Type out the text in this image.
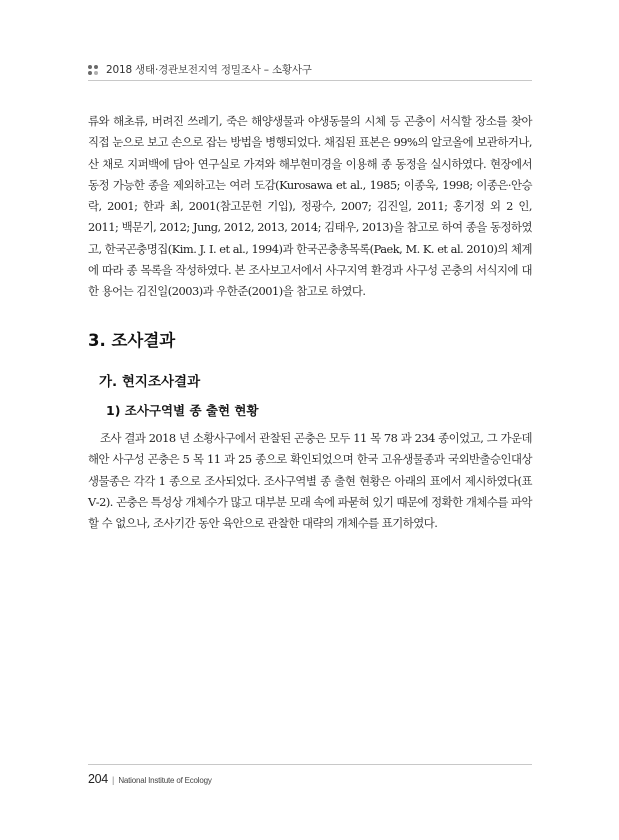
2018 생태·경관보전지역 정밀조사 – 소황사구

류와 해초류, 버려진 쓰레기, 죽은 해양생물과 야생동물의 시체 등 곤충이 서식할 장소를 찾아 직접 눈으로 보고 손으로 잡는 방법을 병행되었다. 채집된 표본은 99%의 알코올에 보관하거나, 산 채로 지퍼백에 담아 연구실로 가져와 해부현미경을 이용해 종 동정을 실시하였다. 현장에서 동정 가능한 종을 제외하고는 여러 도감(Kurosawa et al., 1985; 이종욱, 1998; 이종은·안승락, 2001; 한과 최, 2001(참고문헌 기입), 정광수, 2007; 김진일, 2011; 홍기정 외 2 인, 2011; 백문기, 2012; Jung, 2012, 2013, 2014; 김태우, 2013)을 참고로 하여 종을 동정하였고, 한국곤충명집(Kim. J. I. et al., 1994)과 한국곤충총목록(Paek, M. K. et al. 2010)의 체계에 따라 종 목록을 작성하였다. 본 조사보고서에서 사구지역 환경과 사구성 곤충의 서식지에 대한 용어는 김진일(2003)과 우한준(2001)을 참고로 하였다.

3. 조사결과
가. 현지조사결과
1) 조사구역별 종 출현 현황

조사 결과 2018 년 소황사구에서 관찰된 곤충은 모두 11 목 78 과 234 종이었고, 그 가운데 해안 사구성 곤충은 5 목 11 과 25 종으로 확인되었으며 한국 고유생물종과 국외반출승인대상생물종은 각각 1 종으로 조사되었다. 조사구역별 종 출현 현황은 아래의 표에서 제시하였다(표 Ⅴ-2). 곤충은 특성상 개체수가 많고 대부분 모래 속에 파묻혀 있기 때문에 정확한 개체수를 파악할 수 없으나, 조사기간 동안 육안으로 관찰한 대략의 개체수를 표기하였다.

204 | National Institute of Ecology
